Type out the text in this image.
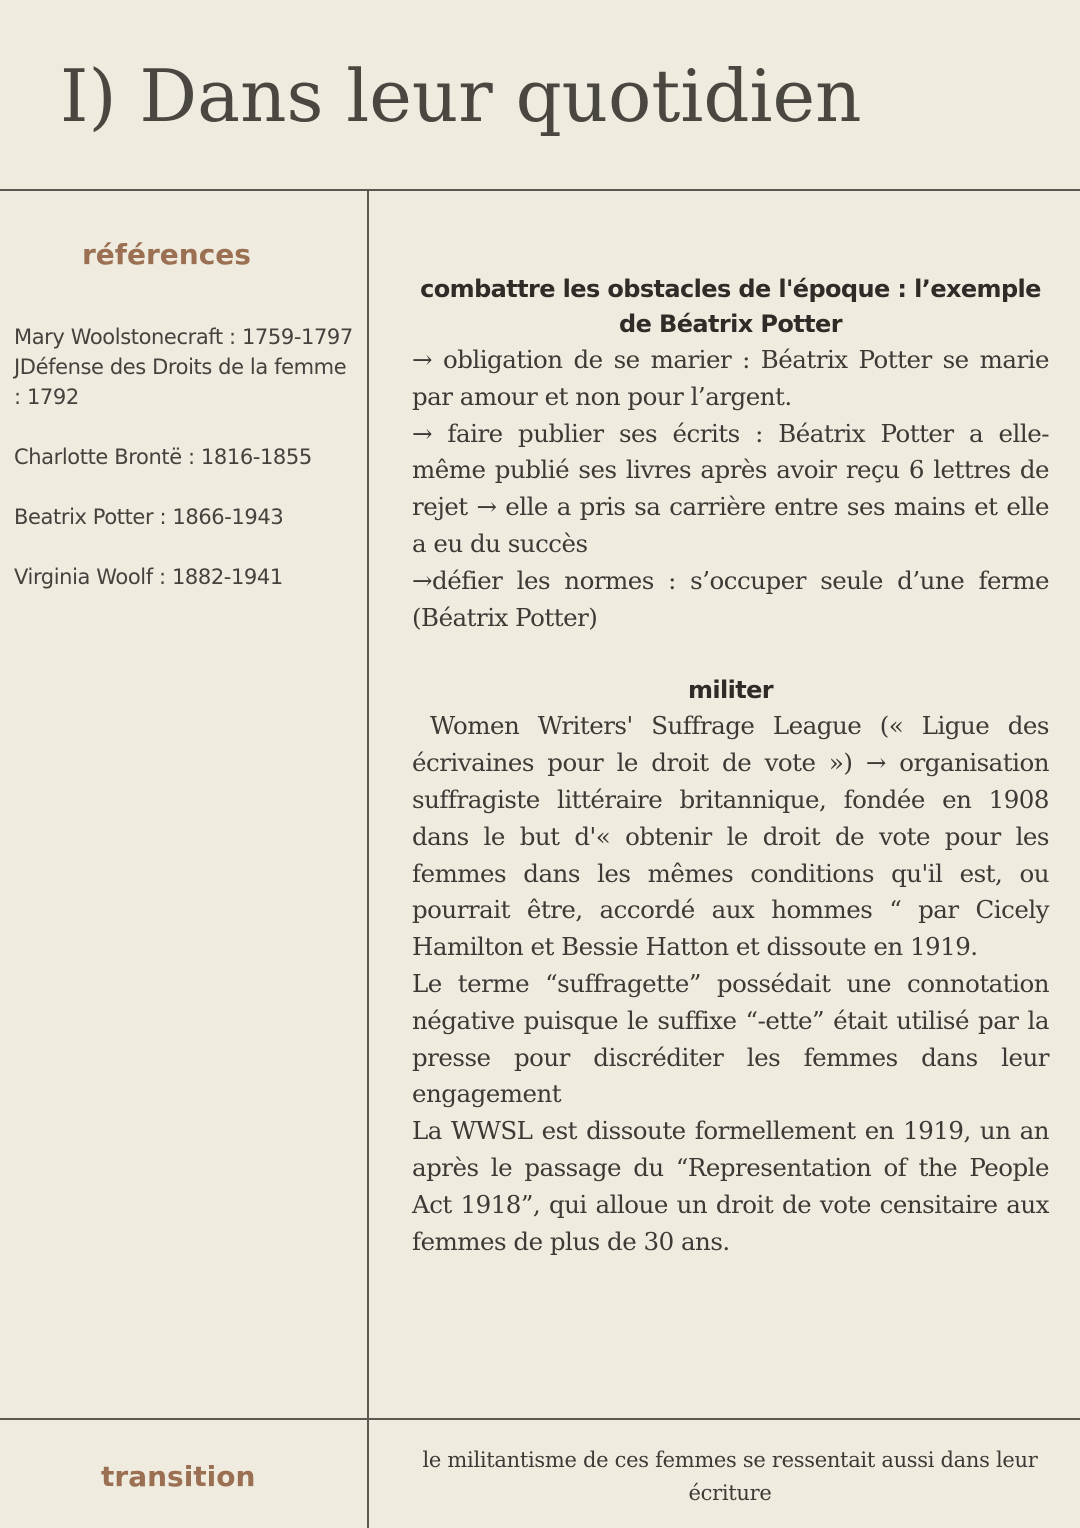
I) Dans leur quotidien
références

Mary Woolstonecraft : 1759-1797 JDéfense des Droits de la femme : 1792

Charlotte Brontë : 1816-1855

Beatrix Potter : 1866-1943

Virginia Woolf : 1882-1941

combattre les obstacles de l'époque : l’exemple de Béatrix Potter

→ obligation de se marier : Béatrix Potter se marie par amour et non pour l’argent.

→ faire publier ses écrits : Béatrix Potter a elle-même publié ses livres après avoir reçu 6 lettres de rejet → elle a pris sa carrière entre ses mains et elle a eu du succès

→défier les normes : s’occuper seule d’une ferme (Béatrix Potter)

militer

Women Writers' Suffrage League (« Ligue des écrivaines pour le droit de vote ») → organisation suffragiste littéraire britannique, fondée en 1908 dans le but d'« obtenir le droit de vote pour les femmes dans les mêmes conditions qu'il est, ou pourrait être, accordé aux hommes “ par Cicely Hamilton et Bessie Hatton et dissoute en 1919.

Le terme “suffragette” possédait une connotation négative puisque le suffixe “-ette” était utilisé par la presse pour discréditer les femmes dans leur engagement

La WWSL est dissoute formellement en 1919, un an après le passage du “Representation of the People Act 1918”, qui alloue un droit de vote censitaire aux femmes de plus de 30 ans.

transition	le militantisme de ces femmes se ressentait aussi dans leur écriture
